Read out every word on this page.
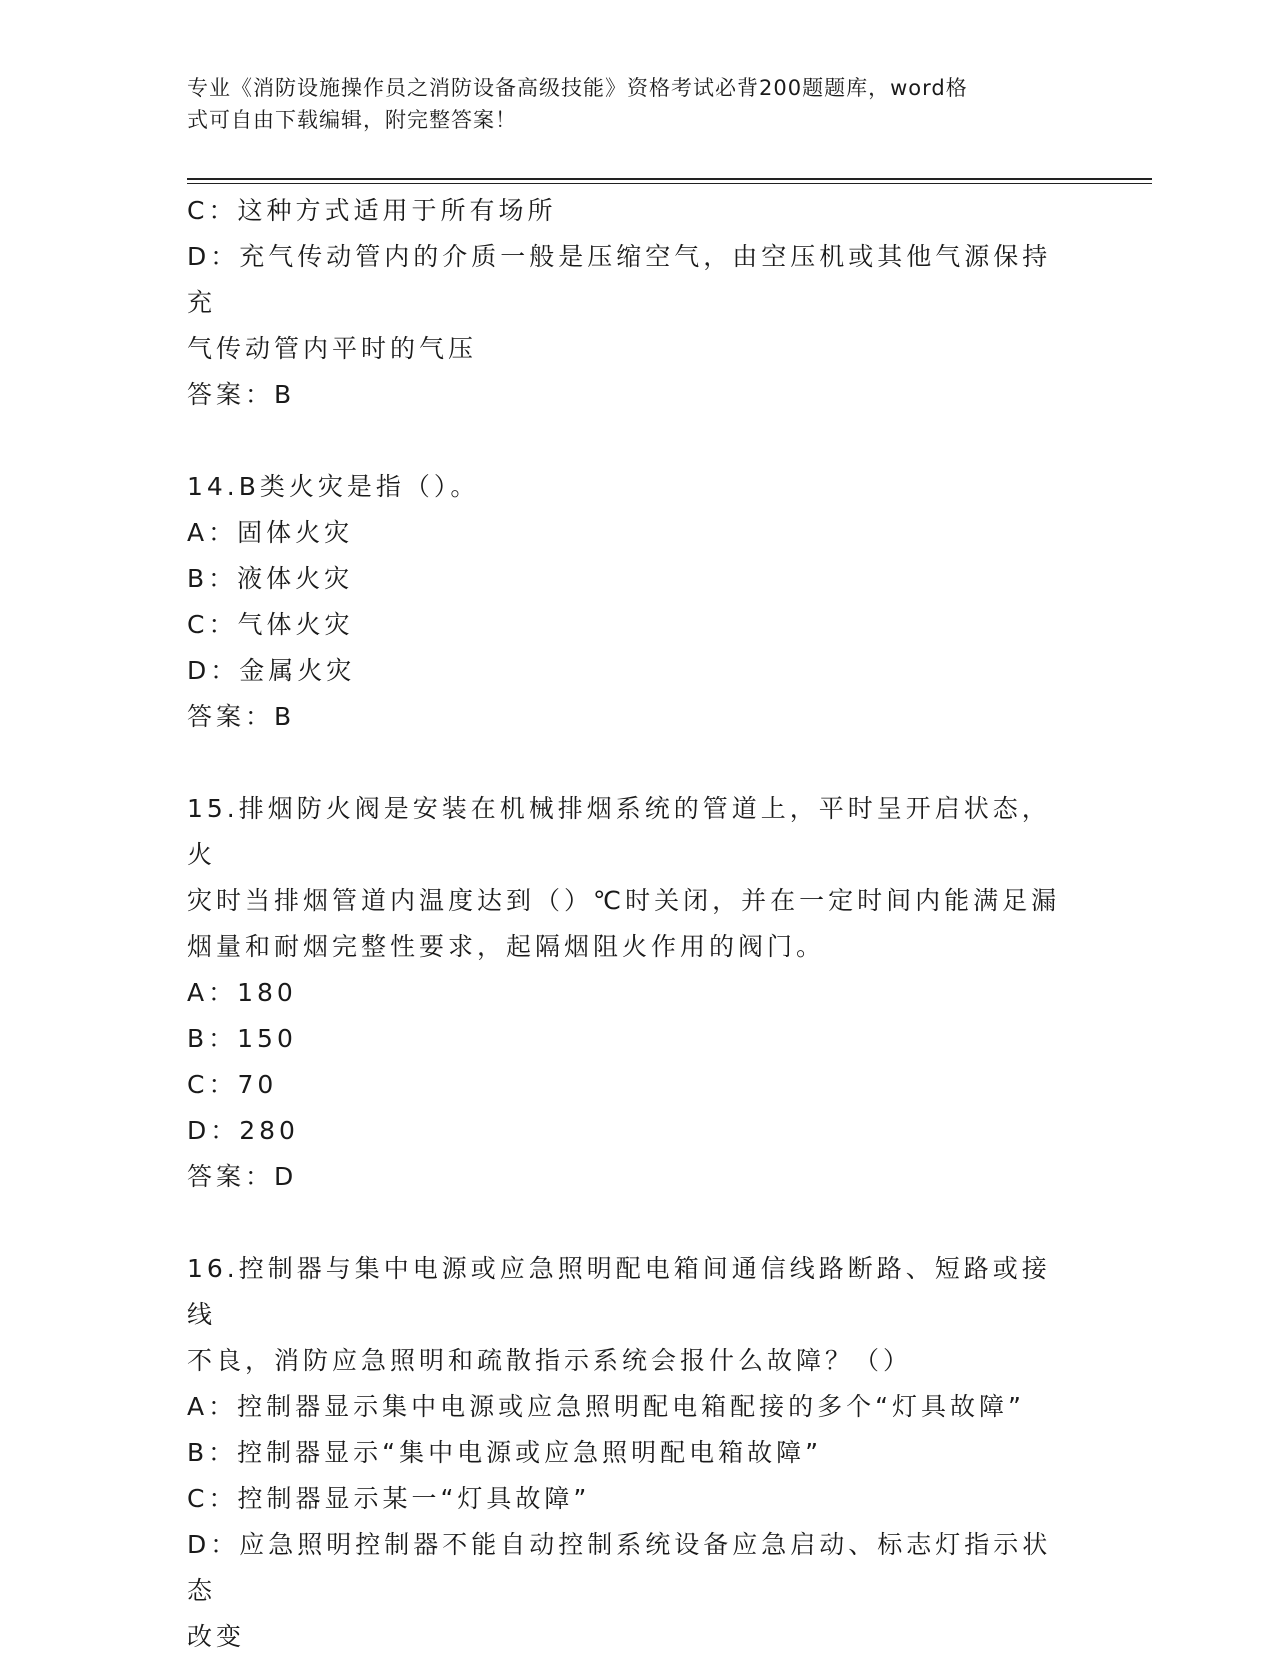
专业《消防设施操作员之消防设备高级技能》资格考试必背200题题库，word格
式可自由下载编辑，附完整答案！
C：这种方式适用于所有场所
D：充气传动管内的介质一般是压缩空气，由空压机或其他气源保持充
气传动管内平时的气压
答案：B
14.B类火灾是指（）。
A：固体火灾
B：液体火灾
C：气体火灾
D：金属火灾
答案：B
15.排烟防火阀是安装在机械排烟系统的管道上，平时呈开启状态，火
灾时当排烟管道内温度达到（）℃时关闭，并在一定时间内能满足漏
烟量和耐烟完整性要求，起隔烟阻火作用的阀门。
A：180
B：150
C：70
D：280
答案：D
16.控制器与集中电源或应急照明配电箱间通信线路断路、短路或接线
不良，消防应急照明和疏散指示系统会报什么故障？（）
A：控制器显示集中电源或应急照明配电箱配接的多个“灯具故障”
B：控制器显示“集中电源或应急照明配电箱故障”
C：控制器显示某一“灯具故障”
D：应急照明控制器不能自动控制系统设备应急启动、标志灯指示状态
改变
